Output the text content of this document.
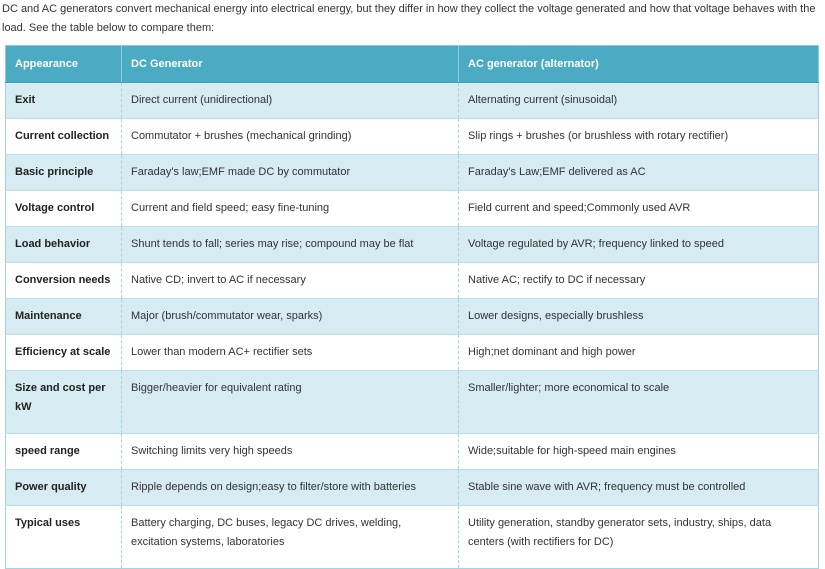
DC and AC generators convert mechanical energy into electrical energy, but they differ in how they collect the voltage generated and how that voltage behaves with the load. See the table below to compare them:
Appearance	DC Generator	AC generator (alternator)
Exit	Direct current (unidirectional)	Alternating current (sinusoidal)
Current collection	Commutator + brushes (mechanical grinding)	Slip rings + brushes (or brushless with rotary rectifier)
Basic principle	Faraday's law;EMF made DC by commutator	Faraday's Law;EMF delivered as AC
Voltage control	Current and field speed; easy fine-tuning	Field current and speed;Commonly used AVR
Load behavior	Shunt tends to fall; series may rise; compound may be flat	Voltage regulated by AVR; frequency linked to speed
Conversion needs	Native CD; invert to AC if necessary	Native AC; rectify to DC if necessary
Maintenance	Major (brush/commutator wear, sparks)	Lower designs, especially brushless
Efficiency at scale	Lower than modern AC+ rectifier sets	High;net dominant and high power
Size and cost per kW	Bigger/heavier for equivalent rating	Smaller/lighter; more economical to scale
speed range	Switching limits very high speeds	Wide;suitable for high-speed main engines
Power quality	Ripple depends on design;easy to filter/store with batteries	Stable sine wave with AVR; frequency must be controlled
Typical uses	Battery charging, DC buses, legacy DC drives, welding, excitation systems, laboratories	Utility generation, standby generator sets, industry, ships, data centers (with rectifiers for DC)
